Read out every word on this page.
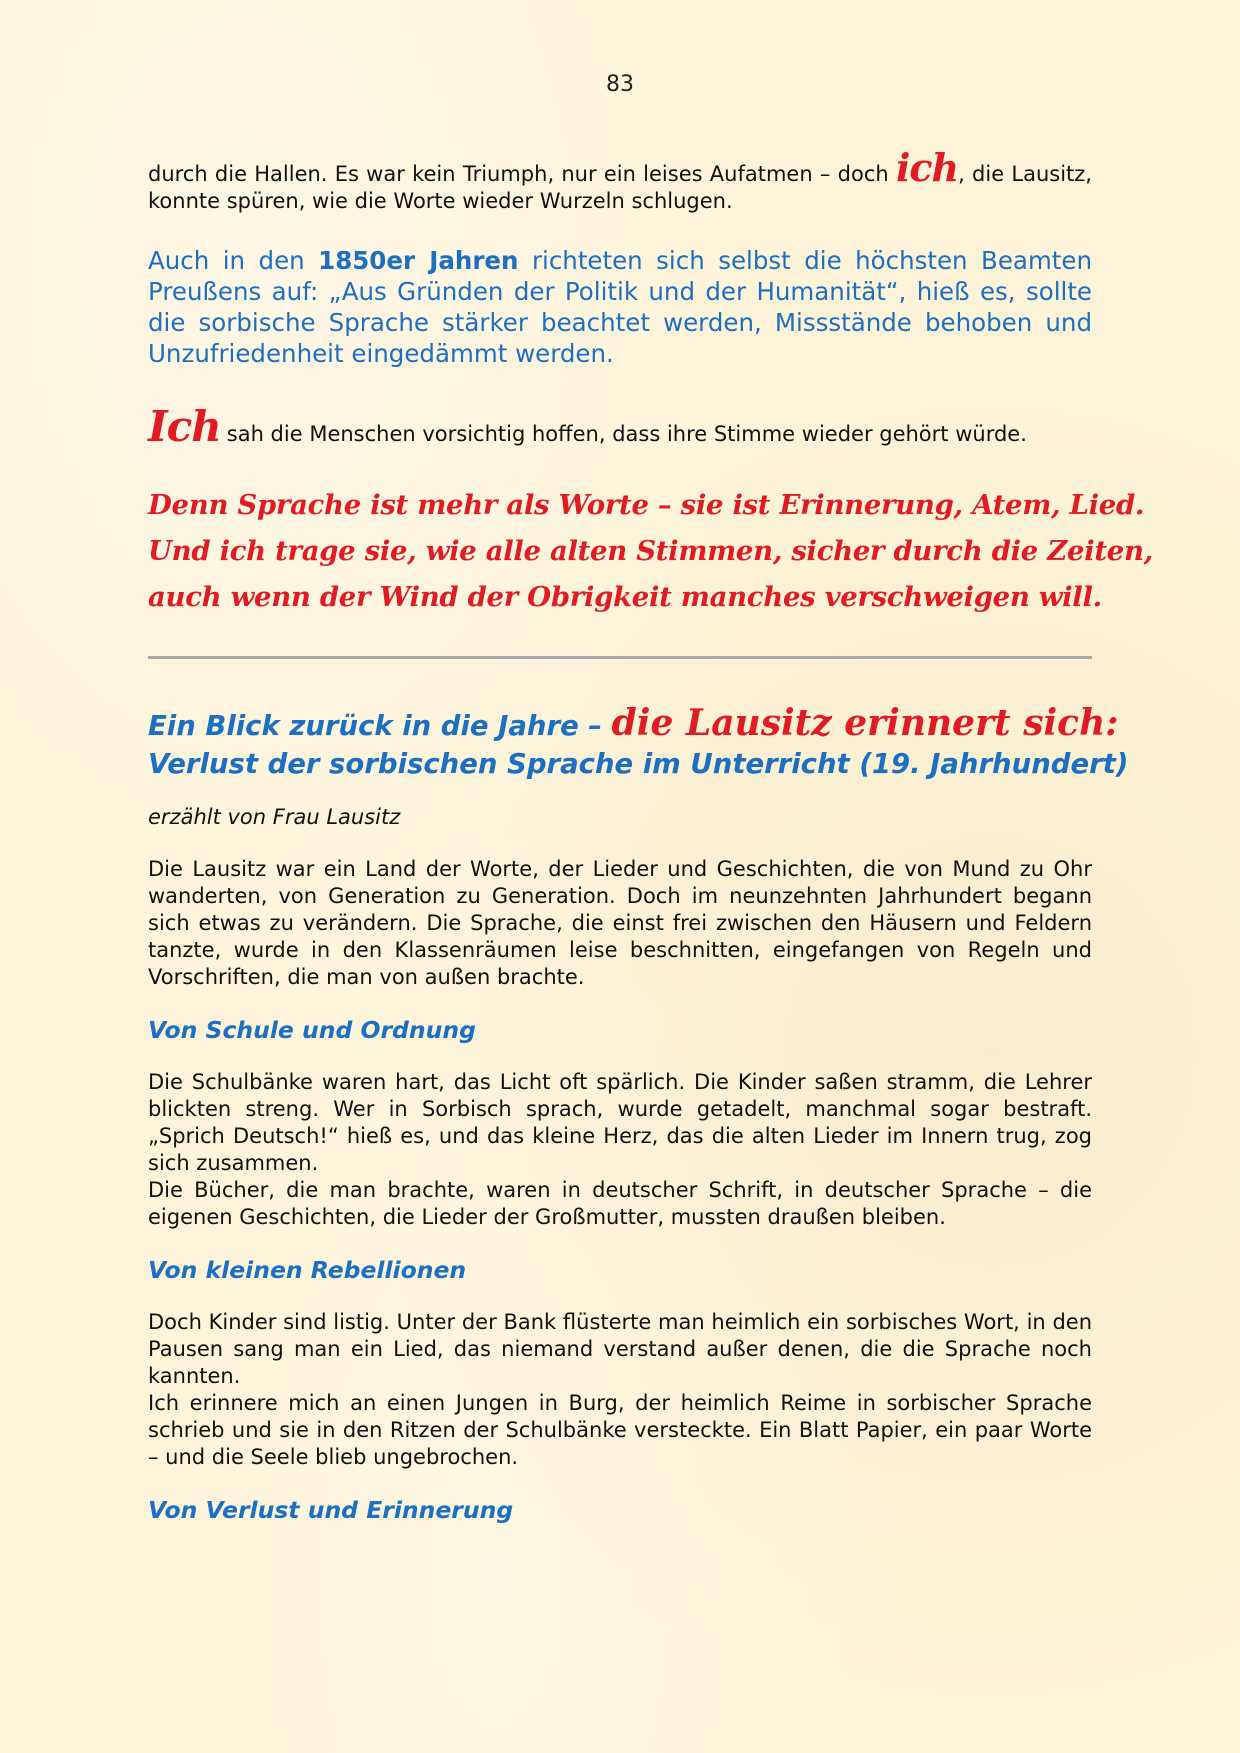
83

durch die Hallen. Es war kein Triumph, nur ein leises Aufatmen – doch ich, die Lausitz, konnte spüren, wie die Worte wieder Wurzeln schlugen.

Auch in den 1850er Jahren richteten sich selbst die höchsten Beamten Preußens auf: „Aus Gründen der Politik und der Humanität“, hieß es, sollte die sorbische Sprache stärker beachtet werden, Missstände behoben und Unzufriedenheit eingedämmt werden.

Ich sah die Menschen vorsichtig hoffen, dass ihre Stimme wieder gehört würde.

Denn Sprache ist mehr als Worte – sie ist Erinnerung, Atem, Lied.
Und ich trage sie, wie alle alten Stimmen, sicher durch die Zeiten,
auch wenn der Wind der Obrigkeit manches verschweigen will.
Ein Blick zurück in die Jahre – die Lausitz erinnert sich:
Verlust der sorbischen Sprache im Unterricht (19. Jahrhundert)

erzählt von Frau Lausitz

Die Lausitz war ein Land der Worte, der Lieder und Geschichten, die von Mund zu Ohr wanderten, von Generation zu Generation. Doch im neunzehnten Jahrhundert begann sich etwas zu verändern. Die Sprache, die einst frei zwischen den Häusern und Feldern tanzte, wurde in den Klassenräumen leise beschnitten, eingefangen von Regeln und Vorschriften, die man von außen brachte.

Von Schule und Ordnung

Die Schulbänke waren hart, das Licht oft spärlich. Die Kinder saßen stramm, die Lehrer blickten streng. Wer in Sorbisch sprach, wurde getadelt, manchmal sogar bestraft. „Sprich Deutsch!“ hieß es, und das kleine Herz, das die alten Lieder im Innern trug, zog sich zusammen.

Die Bücher, die man brachte, waren in deutscher Schrift, in deutscher Sprache – die eigenen Geschichten, die Lieder der Großmutter, mussten draußen bleiben.

Von kleinen Rebellionen

Doch Kinder sind listig. Unter der Bank flüsterte man heimlich ein sorbisches Wort, in den Pausen sang man ein Lied, das niemand verstand außer denen, die die Sprache noch kannten.

Ich erinnere mich an einen Jungen in Burg, der heimlich Reime in sorbischer Sprache schrieb und sie in den Ritzen der Schulbänke versteckte. Ein Blatt Papier, ein paar Worte – und die Seele blieb ungebrochen.

Von Verlust und Erinnerung
